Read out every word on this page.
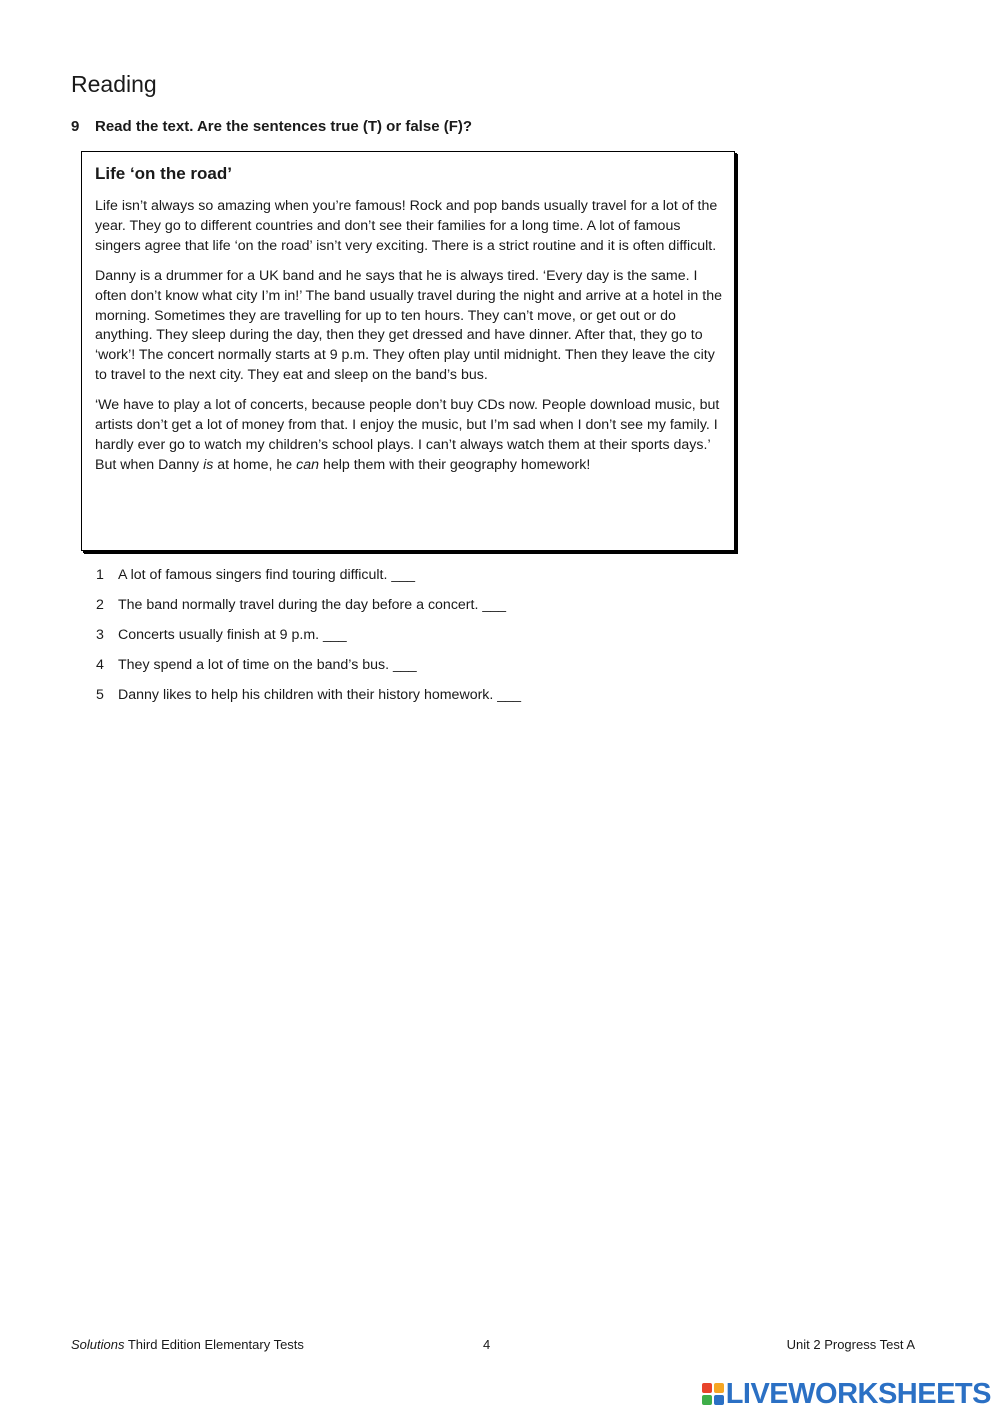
Reading
9 Read the text. Are the sentences true (T) or false (F)?
Life ‘on the road’

Life isn’t always so amazing when you’re famous! Rock and pop bands usually travel for a lot of the year. They go to different countries and don’t see their families for a long time. A lot of famous singers agree that life ‘on the road’ isn’t very exciting. There is a strict routine and it is often difficult.

Danny is a drummer for a UK band and he says that he is always tired. ‘Every day is the same. I often don’t know what city I’m in!’ The band usually travel during the night and arrive at a hotel in the morning. Sometimes they are travelling for up to ten hours. They can’t move, or get out or do anything. They sleep during the day, then they get dressed and have dinner. After that, they go to ‘work’! The concert normally starts at 9 p.m. They often play until midnight. Then they leave the city to travel to the next city. They eat and sleep on the band’s bus.

‘We have to play a lot of concerts, because people don’t buy CDs now. People download music, but artists don’t get a lot of money from that. I enjoy the music, but I’m sad when I don’t see my family. I hardly ever go to watch my children’s school plays. I can’t always watch them at their sports days.’ But when Danny is at home, he can help them with their geography homework!

1 A lot of famous singers find touring difficult. ___
2 The band normally travel during the day before a concert. ___
3 Concerts usually finish at 9 p.m. ___
4 They spend a lot of time on the band’s bus. ___
5 Danny likes to help his children with their history homework. ___
Solutions Third Edition Elementary Tests	4	Unit 2 Progress Test A
LIVEWORKSHEETS
